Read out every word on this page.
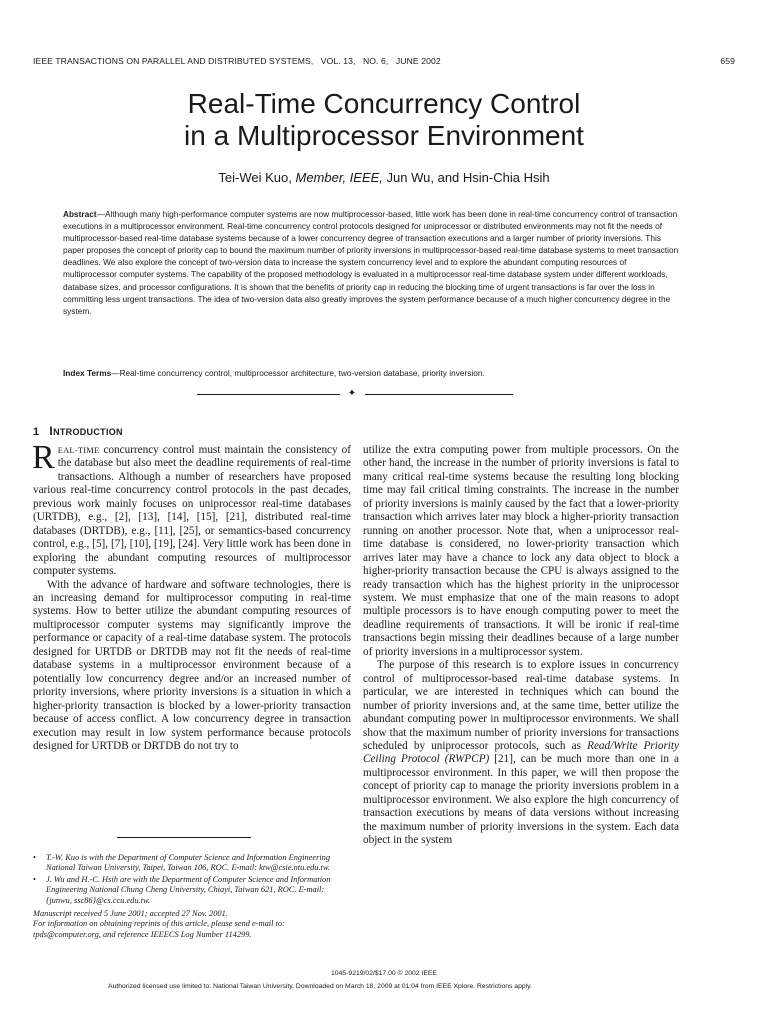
IEEE TRANSACTIONS ON PARALLEL AND DISTRIBUTED SYSTEMS, VOL. 13, NO. 6, JUNE 2002	659
Real-Time Concurrency Control
in a Multiprocessor Environment
Tei-Wei Kuo, Member, IEEE, Jun Wu, and Hsin-Chia Hsih

Abstract—Although many high-performance computer systems are now multiprocessor-based, little work has been done in real-time concurrency control of transaction executions in a multiprocessor environment. Real-time concurrency control protocols designed for uniprocessor or distributed environments may not fit the needs of multiprocessor-based real-time database systems because of a lower concurrency degree of transaction executions and a larger number of priority inversions. This paper proposes the concept of priority cap to bound the maximum number of priority inversions in multiprocessor-based real-time database systems to meet transaction deadlines. We also explore the concept of two-version data to increase the system concurrency level and to explore the abundant computing resources of multiprocessor computer systems. The capability of the proposed methodology is evaluated in a multiprocessor real-time database system under different workloads, database sizes, and processor configurations. It is shown that the benefits of priority cap in reducing the blocking time of urgent transactions is far over the loss in committing less urgent transactions. The idea of two-version data also greatly improves the system performance because of a much higher concurrency degree in the system.

Index Terms—Real-time concurrency control, multiprocessor architecture, two-version database, priority inversion.

✦
1 INTRODUCTION

REAL-TIME concurrency control must maintain the consistency of the database but also meet the deadline requirements of real-time transactions. Although a number of researchers have proposed various real-time concurrency control protocols in the past decades, previous work mainly focuses on uniprocessor real-time databases (URTDB), e.g., [2], [13], [14], [15], [21], distributed real-time databases (DRTDB), e.g., [11], [25], or semantics-based concurrency control, e.g., [5], [7], [10], [19], [24]. Very little work has been done in exploring the abundant computing resources of multiprocessor computer systems.

With the advance of hardware and software technologies, there is an increasing demand for multiprocessor computing in real-time systems. How to better utilize the abundant computing resources of multiprocessor computer systems may significantly improve the performance or capacity of a real-time database system. The protocols designed for URTDB or DRTDB may not fit the needs of real-time database systems in a multiprocessor environment because of a potentially low concurrency degree and/or an increased number of priority inversions, where priority inversions is a situation in which a higher-priority transaction is blocked by a lower-priority transaction because of access conflict. A low concurrency degree in transaction execution may result in low system performance because protocols designed for URTDB or DRTDB do not try to

utilize the extra computing power from multiple processors. On the other hand, the increase in the number of priority inversions is fatal to many critical real-time systems because the resulting long blocking time may fail critical timing constraints. The increase in the number of priority inversions is mainly caused by the fact that a lower-priority transaction which arrives later may block a higher-priority transaction running on another processor. Note that, when a uniprocessor real-time database is considered, no lower-priority transaction which arrives later may have a chance to lock any data object to block a higher-priority transaction because the CPU is always assigned to the ready transaction which has the highest priority in the uniprocessor system. We must emphasize that one of the main reasons to adopt multiple processors is to have enough computing power to meet the deadline requirements of transactions. It will be ironic if real-time transactions begin missing their deadlines because of a large number of priority inversions in a multiprocessor system.

The purpose of this research is to explore issues in concurrency control of multiprocessor-based real-time database systems. In particular, we are interested in techniques which can bound the number of priority inversions and, at the same time, better utilize the abundant computing power in multiprocessor environments. We shall show that the maximum number of priority inversions for transactions scheduled by uniprocessor protocols, such as Read/Write Priority Ceiling Protocol (RWPCP) [21], can be much more than one in a multiprocessor environment. In this paper, we will then propose the concept of priority cap to manage the priority inversions problem in a multiprocessor environment. We also explore the high concurrency of transaction executions by means of data versions without increasing the maximum number of priority inversions in the system. Each data object in the system

• T.-W. Kuo is with the Department of Computer Science and Information Engineering National Taiwan University, Taipei, Taiwan 106, ROC. E-mail: ktw@csie.ntu.edu.tw.
• J. Wu and H.-C. Hsih are with the Department of Computer Science and Information Engineering National Chung Cheng University, Chiayi, Taiwan 621, ROC. E-mail: {junwu, ssc86}@cs.ccu.edu.tw.
Manuscript received 5 June 2001; accepted 27 Nov. 2001.
For information on obtaining reprints of this article, please send e-mail to: tpds@computer.org, and reference IEEECS Log Number 114299.
1045-9219/02/$17.00 © 2002 IEEE
Authorized licensed use limited to: National Taiwan University. Downloaded on March 18, 2009 at 01:04 from IEEE Xplore. Restrictions apply.
